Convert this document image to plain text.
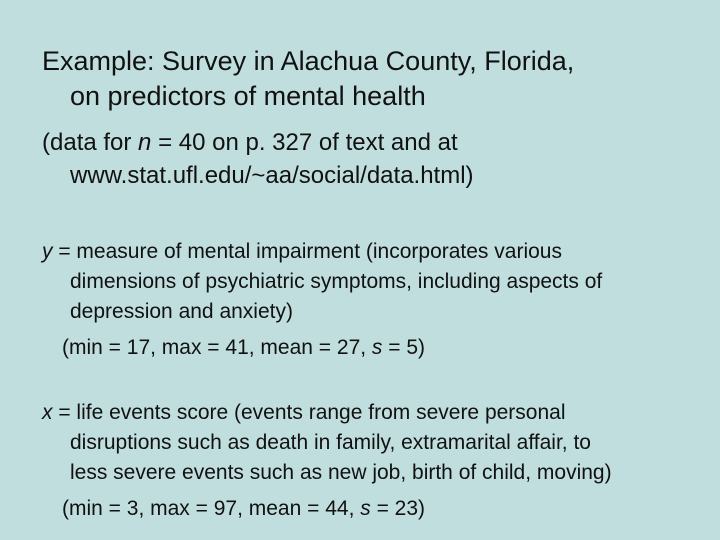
Example: Survey in Alachua County, Florida,
on predictors of mental health
(data for n = 40 on p. 327 of text and at
www.stat.ufl.edu/~aa/social/data.html)
y = measure of mental impairment (incorporates various
dimensions of psychiatric symptoms, including aspects of
depression and anxiety)
(min = 17, max = 41, mean = 27, s = 5)
x = life events score (events range from severe personal
disruptions such as death in family, extramarital affair, to
less severe events such as new job, birth of child, moving)
(min = 3, max = 97, mean = 44, s = 23)
